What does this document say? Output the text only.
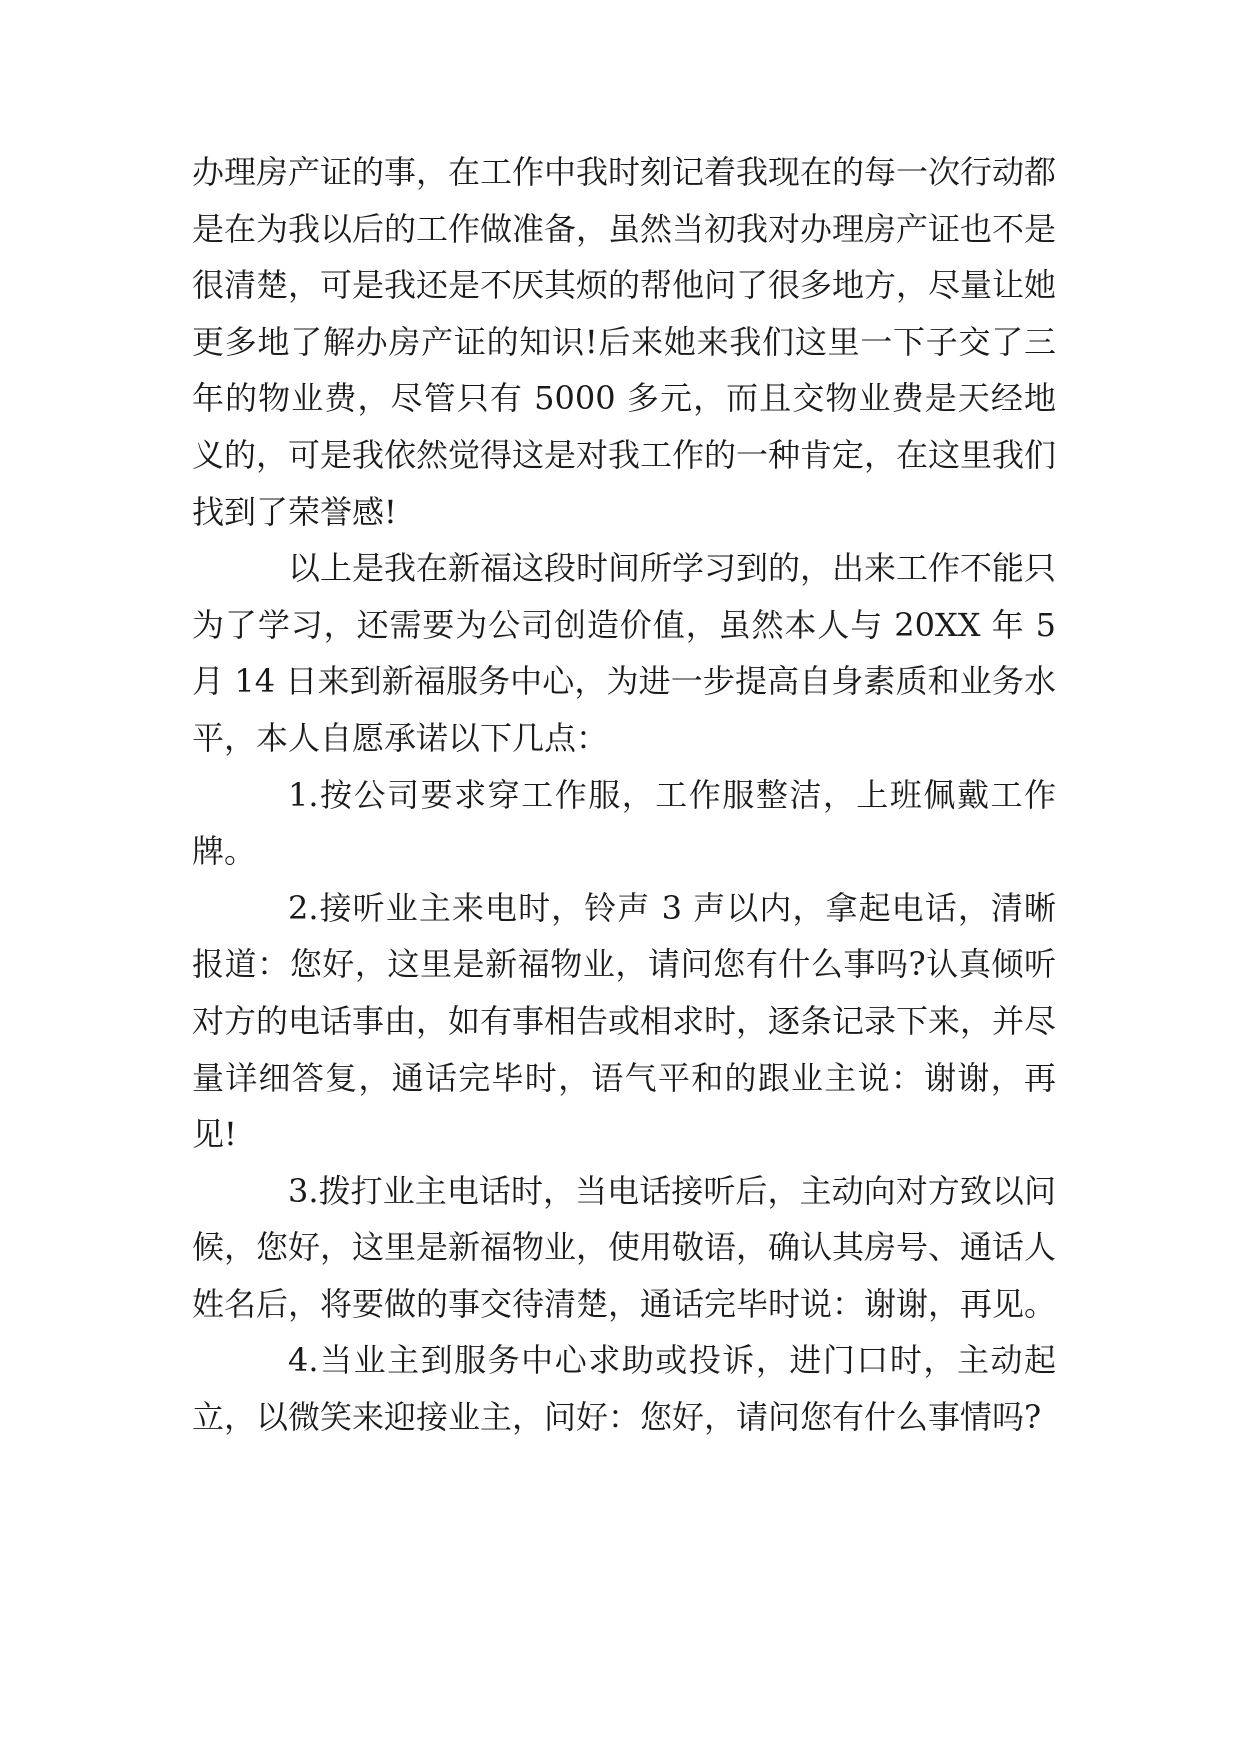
办理房产证的事，在工作中我时刻记着我现在的每一次行动都是在为我以后的工作做准备，虽然当初我对办理房产证也不是很清楚，可是我还是不厌其烦的帮他问了很多地方，尽量让她更多地了解办房产证的知识!后来她来我们这里一下子交了三年的物业费，尽管只有 5000 多元，而且交物业费是天经地义的，可是我依然觉得这是对我工作的一种肯定，在这里我们找到了荣誉感!

以上是我在新福这段时间所学习到的，出来工作不能只为了学习，还需要为公司创造价值，虽然本人与 20XX 年 5 月 14 日来到新福服务中心，为进一步提高自身素质和业务水平，本人自愿承诺以下几点：

1.按公司要求穿工作服，工作服整洁，上班佩戴工作牌。

2.接听业主来电时，铃声 3 声以内，拿起电话，清晰报道：您好，这里是新福物业，请问您有什么事吗?认真倾听对方的电话事由，如有事相告或相求时，逐条记录下来，并尽量详细答复，通话完毕时，语气平和的跟业主说：谢谢，再见!

3.拨打业主电话时，当电话接听后，主动向对方致以问候，您好，这里是新福物业，使用敬语，确认其房号、通话人姓名后，将要做的事交待清楚，通话完毕时说：谢谢，再见。

4.当业主到服务中心求助或投诉，进门口时，主动起立，以微笑来迎接业主，问好：您好，请问您有什么事情吗?
